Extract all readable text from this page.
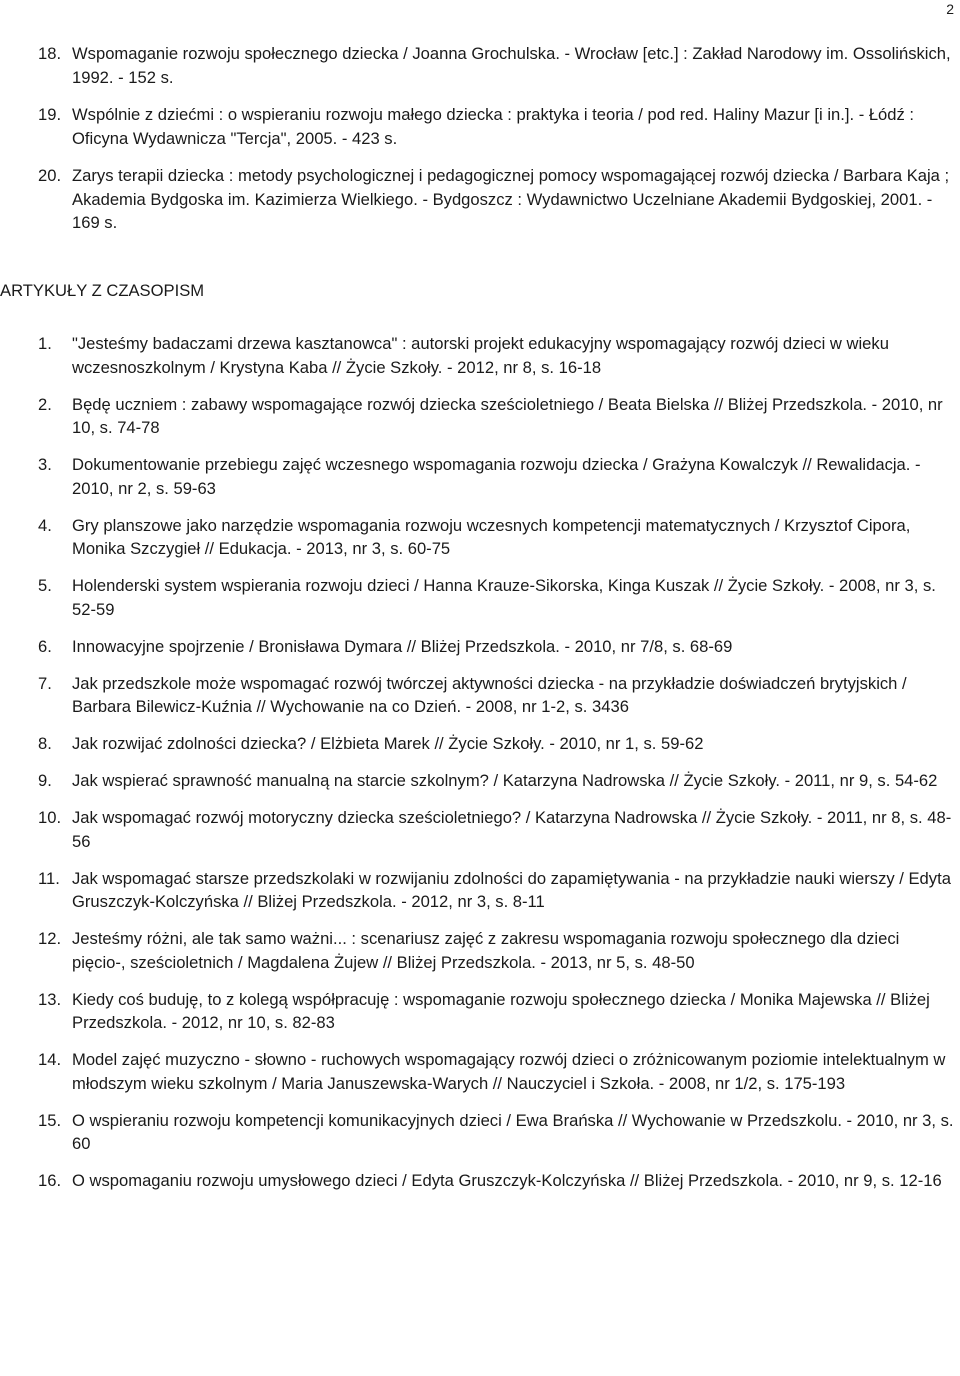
2
18. Wspomaganie rozwoju społecznego dziecka / Joanna Grochulska. - Wrocław [etc.] : Zakład Narodowy im. Ossolińskich, 1992. - 152 s.
19. Wspólnie z dziećmi : o wspieraniu rozwoju małego dziecka : praktyka i teoria / pod red. Haliny Mazur [i in.]. - Łódź : Oficyna Wydawnicza "Tercja", 2005. - 423 s.
20. Zarys terapii dziecka : metody psychologicznej i pedagogicznej pomocy wspomagającej rozwój dziecka / Barbara Kaja ; Akademia Bydgoska im. Kazimierza Wielkiego. - Bydgoszcz : Wydawnictwo Uczelniane Akademii Bydgoskiej, 2001. - 169 s.
ARTYKUŁY Z CZASOPISM
1.	"Jesteśmy badaczami drzewa kasztanowca" : autorski projekt edukacyjny wspomagający rozwój dzieci w wieku wczesnoszkolnym / Krystyna Kaba // Życie Szkoły. - 2012, nr 8, s. 16-18
2.	Będę uczniem : zabawy wspomagające rozwój dziecka sześcioletniego / Beata Bielska // Bliżej Przedszkola. - 2010, nr 10, s. 74-78
3.	Dokumentowanie przebiegu zajęć wczesnego wspomagania rozwoju dziecka / Grażyna Kowalczyk // Rewalidacja. - 2010, nr 2, s. 59-63
4.	Gry planszowe jako narzędzie wspomagania rozwoju wczesnych kompetencji matematycznych / Krzysztof Cipora, Monika Szczygieł // Edukacja. - 2013, nr 3, s. 60-75
5.	Holenderski system wspierania rozwoju dzieci / Hanna Krauze-Sikorska, Kinga Kuszak // Życie Szkoły. - 2008, nr 3, s. 52-59
6.	Innowacyjne spojrzenie / Bronisława Dymara // Bliżej Przedszkola. - 2010, nr 7/8, s. 68-69
7.	Jak przedszkole może wspomagać rozwój twórczej aktywności dziecka - na przykładzie doświadczeń brytyjskich / Barbara Bilewicz-Kuźnia // Wychowanie na co Dzień. - 2008, nr 1-2, s. 3436
8.	Jak rozwijać zdolności dziecka? / Elżbieta Marek // Życie Szkoły. - 2010, nr 1, s. 59-62
9.	Jak wspierać sprawność manualną na starcie szkolnym? / Katarzyna Nadrowska // Życie Szkoły. - 2011, nr 9, s. 54-62
10. Jak wspomagać rozwój motoryczny dziecka sześcioletniego? / Katarzyna Nadrowska // Życie Szkoły. - 2011, nr 8, s. 48-56
11. Jak wspomagać starsze przedszkolaki w rozwijaniu zdolności do zapamiętywania - na przykładzie nauki wierszy / Edyta Gruszczyk-Kolczyńska // Bliżej Przedszkola. - 2012, nr 3, s. 8-11
12. Jesteśmy różni, ale tak samo ważni... : scenariusz zajęć z zakresu wspomagania rozwoju społecznego dla dzieci pięcio-, sześcioletnich / Magdalena Żujew // Bliżej Przedszkola. - 2013, nr 5, s. 48-50
13. Kiedy coś buduję, to z kolegą współpracuję : wspomaganie rozwoju społecznego dziecka / Monika Majewska // Bliżej Przedszkola. - 2012, nr 10, s. 82-83
14. Model zajęć muzyczno - słowno - ruchowych wspomagający rozwój dzieci o zróżnicowanym poziomie intelektualnym w młodszym wieku szkolnym / Maria Januszewska-Warych // Nauczyciel i Szkoła. - 2008, nr 1/2, s. 175-193
15. O wspieraniu rozwoju kompetencji komunikacyjnych dzieci / Ewa Brańska // Wychowanie w Przedszkolu. - 2010, nr 3, s. 60
16. O wspomaganiu rozwoju umysłowego dzieci / Edyta Gruszczyk-Kolczyńska // Bliżej Przedszkola. - 2010, nr 9, s. 12-16
